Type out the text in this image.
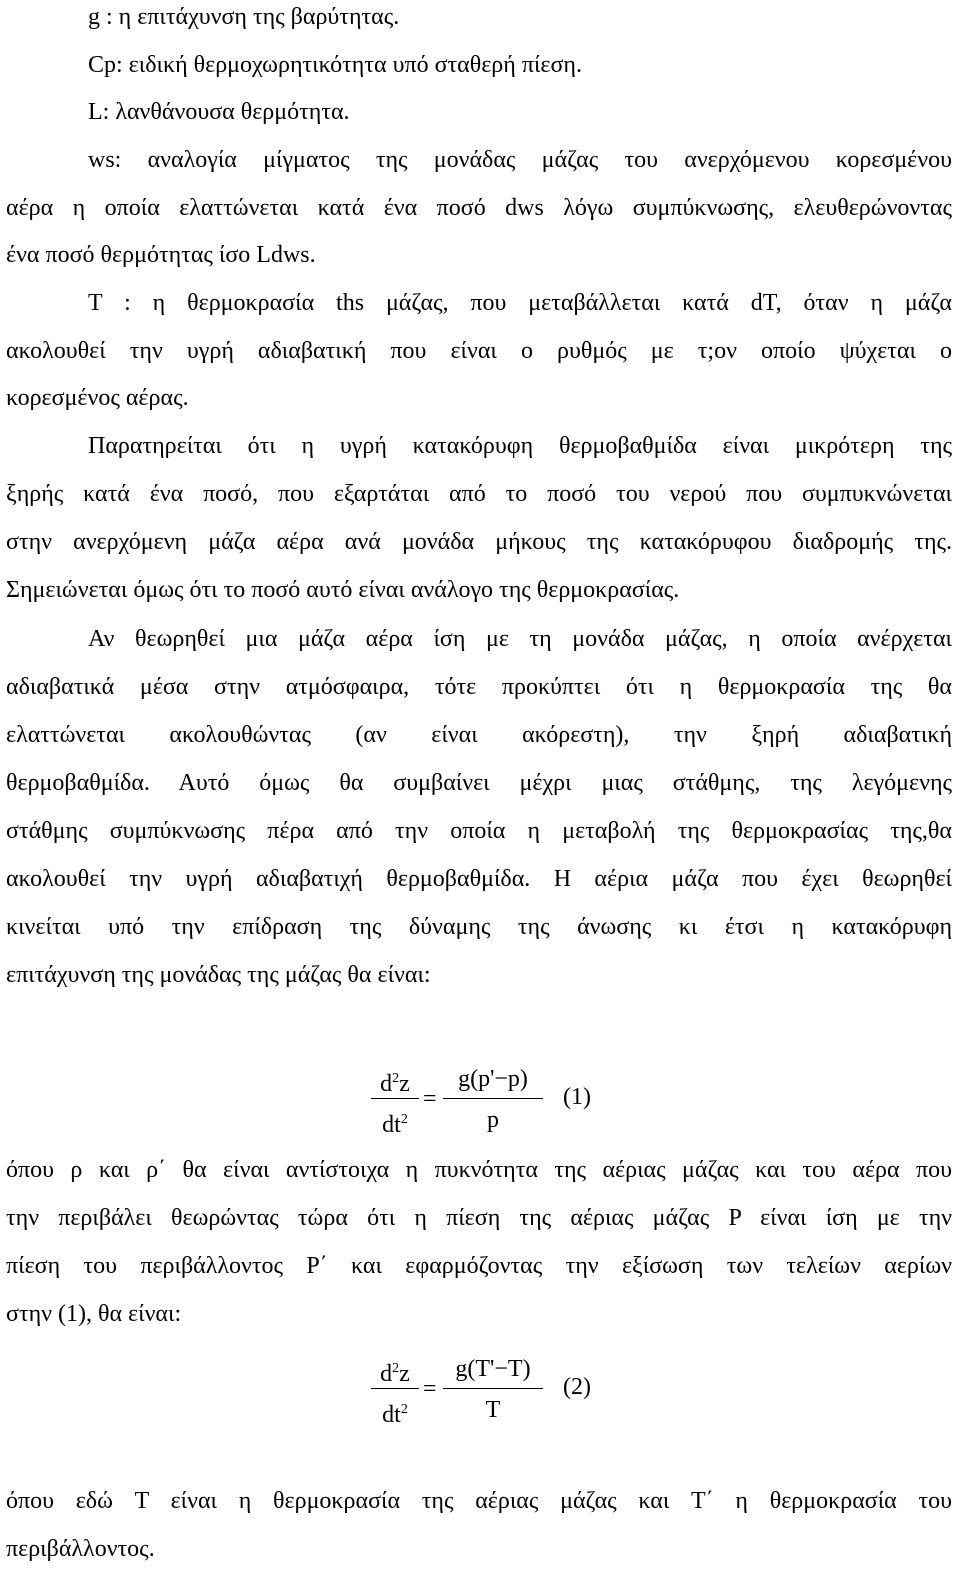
g : η επιτάχυνση της βαρύτητας.
Cp: ειδική θερμοχωρητικότητα υπό σταθερή πίεση.
L: λανθάνουσα θερμότητα.
ws: αναλογία μίγματος της μονάδας μάζας του ανερχόμενου κορεσμένου
αέρα η οποία ελαττώνεται κατά ένα ποσό dws λόγω συμπύκνωσης, ελευθερώνοντας
ένα ποσό θερμότητας ίσο Ldws.
T : η θερμοκρασία ths μάζας, που μεταβάλλεται κατά dT, όταν η μάζα
ακολουθεί την υγρή αδιαβατική που είναι ο ρυθμός με τ;ον οποίο ψύχεται ο
κορεσμένος αέρας.
Παρατηρείται ότι η υγρή κατακόρυφη θερμοβαθμίδα είναι μικρότερη της
ξηρής κατά ένα ποσό, που εξαρτάται από το ποσό του νερού που συμπυκνώνεται
στην ανερχόμενη μάζα αέρα ανά μονάδα μήκους της κατακόρυφου διαδρομής της.
Σημειώνεται όμως ότι το ποσό αυτό είναι ανάλογο της θερμοκρασίας.
Αν θεωρηθεί μια μάζα αέρα ίση με τη μονάδα μάζας, η οποία ανέρχεται
αδιαβατικά μέσα στην ατμόσφαιρα, τότε προκύπτει ότι η θερμοκρασία της θα
ελαττώνεται ακολουθώντας (αν είναι ακόρεστη), την ξηρή αδιαβατική
θερμοβαθμίδα. Αυτό όμως θα συμβαίνει μέχρι μιας στάθμης, της λεγόμενης
στάθμης συμπύκνωσης πέρα από την οποία η μεταβολή της θερμοκρασίας της,θα
ακολουθεί την υγρή αδιαβατιχή θερμοβαθμίδα. Η αέρια μάζα που έχει θεωρηθεί
κινείται υπό την επίδραση της δύναμης της άνωσης κι έτσι η κατακόρυφη
επιτάχυνση της μονάδας της μάζας θα είναι:
$d^2z$
$dt^2$
=
g(p'−p)
p
(1)
όπου ρ και ρ΄ θα είναι αντίστοιχα η πυκνότητα της αέριας μάζας και του αέρα που
την περιβάλει θεωρώντας τώρα ότι η πίεση της αέριας μάζας P είναι ίση με την
πίεση του περιβάλλοντος P΄ και εφαρμόζοντας την εξίσωση των τελείων αερίων
στην (1), θα είναι:
$d^2z$
$dt^2$
=
g(T'−T)
T
(2)
όπου εδώ T είναι η θερμοκρασία της αέριας μάζας και T΄ η θερμοκρασία του
περιβάλλοντος.
